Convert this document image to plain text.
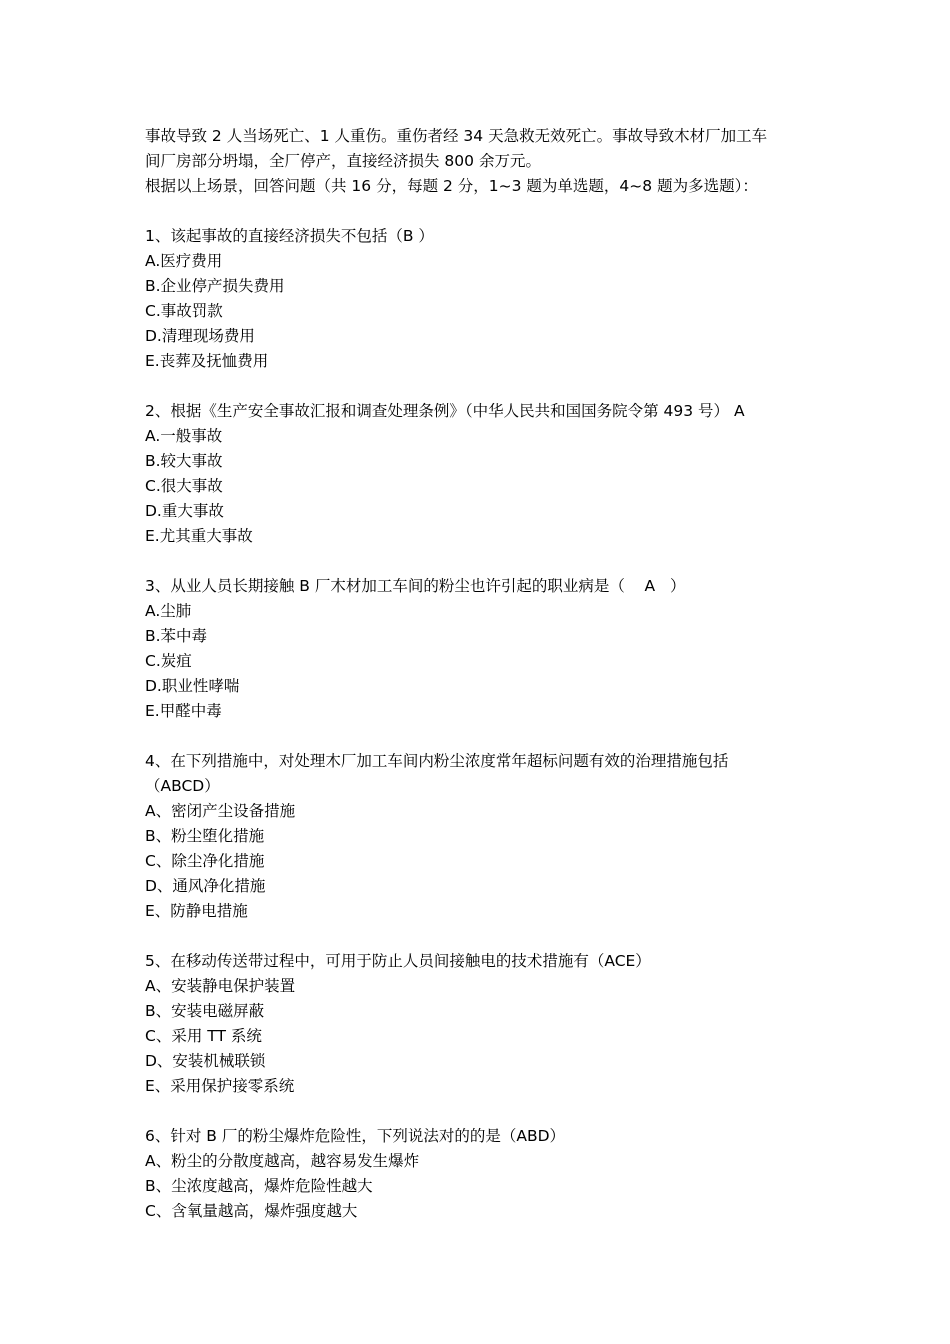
事故导致 2 人当场死亡、1 人重伤。重伤者经 34 天急救无效死亡。事故导致木材厂加工车
间厂房部分坍塌，全厂停产，直接经济损失 800 余万元。
根据以上场景，回答问题（共 16 分，每题 2 分，1~3 题为单选题，4~8 题为多选题）：
1、该起事故的直接经济损失不包括（B ）
A.医疗费用
B.企业停产损失费用
C.事故罚款
D.清理现场费用
E.丧葬及抚恤费用
2、根据《生产安全事故汇报和调查处理条例》（中华人民共和国国务院令第 493 号） A
A.一般事故
B.较大事故
C.很大事故
D.重大事故
E.尤其重大事故
3、从业人员长期接触 B 厂木材加工车间的粉尘也许引起的职业病是（    A   ）
A.尘肺
B.苯中毒
C.炭疽
D.职业性哮喘
E.甲醛中毒
4、在下列措施中，对处理木厂加工车间内粉尘浓度常年超标问题有效的治理措施包括
（ABCD）
A、密闭产尘设备措施
B、粉尘堕化措施
C、除尘净化措施
D、通风净化措施
E、防静电措施
5、在移动传送带过程中，可用于防止人员间接触电的技术措施有（ACE）
A、安装静电保护装置
B、安装电磁屏蔽
C、采用 TT 系统
D、安装机械联锁
E、采用保护接零系统
6、针对 B 厂的粉尘爆炸危险性，下列说法对的的是（ABD）
A、粉尘的分散度越高，越容易发生爆炸
B、尘浓度越高，爆炸危险性越大
C、含氧量越高，爆炸强度越大
